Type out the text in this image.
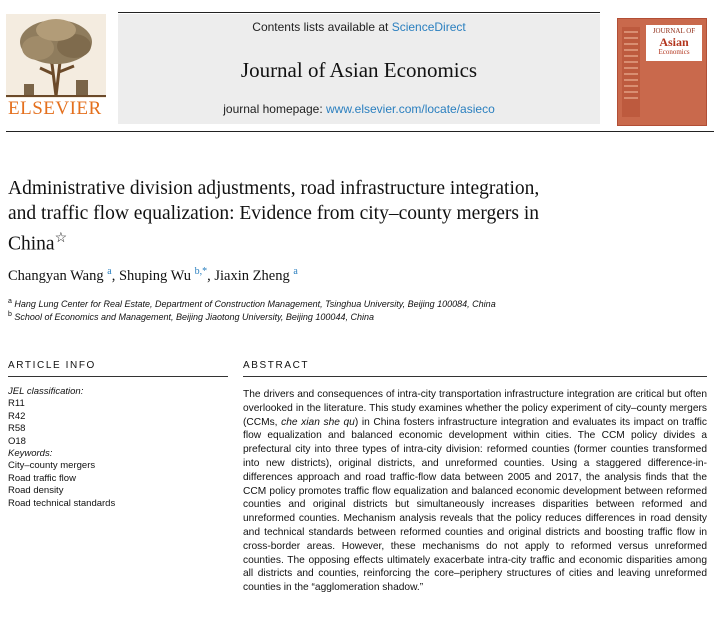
ELSEVIER
Contents lists available at ScienceDirect
Journal of Asian Economics
journal homepage: www.elsevier.com/locate/asieco
JOURNAL OF
Asian
Economics
Administrative division adjustments, road infrastructure integration, and traffic flow equalization: Evidence from city–county mergers in China☆
Changyan Wang $^a$, Shuping Wu $^{b,*}$, Jiaxin Zheng $^a$
$^a$ Hang Lung Center for Real Estate, Department of Construction Management, Tsinghua University, Beijing 100084, China
$^b$ School of Economics and Management, Beijing Jiaotong University, Beijing 100044, China
ARTICLE INFO	ABSTRACT
JEL classification:
R11
R42
R58
O18
Keywords:
City–county mergers
Road traffic flow
Road density
Road technical standards

The drivers and consequences of intra-city transportation infrastructure integration are critical but often overlooked in the literature. This study examines whether the policy experiment of city–county mergers (CCMs, che xian she qu) in China fosters infrastructure integration and evaluates its impact on traffic flow equalization and balanced economic development within cities. The CCM policy divides a prefectural city into three types of intra-city division: reformed counties (former counties transformed into new districts), original districts, and unreformed counties. Using a staggered difference-in-differences approach and road traffic-flow data between 2005 and 2017, the analysis finds that the CCM policy promotes traffic flow equalization and balanced economic development between reformed counties and original districts but simultaneously increases disparities between reformed and unreformed counties. Mechanism analysis reveals that the policy reduces differences in road density and technical standards between reformed counties and original districts and boosting traffic flow in cross-border areas. However, these mechanisms do not apply to reformed versus unreformed counties. The opposing effects ultimately exacerbate intra-city traffic and economic disparities among all districts and counties, reinforcing the core–periphery structures of cities and leaving unreformed counties in the “agglomeration shadow.”
